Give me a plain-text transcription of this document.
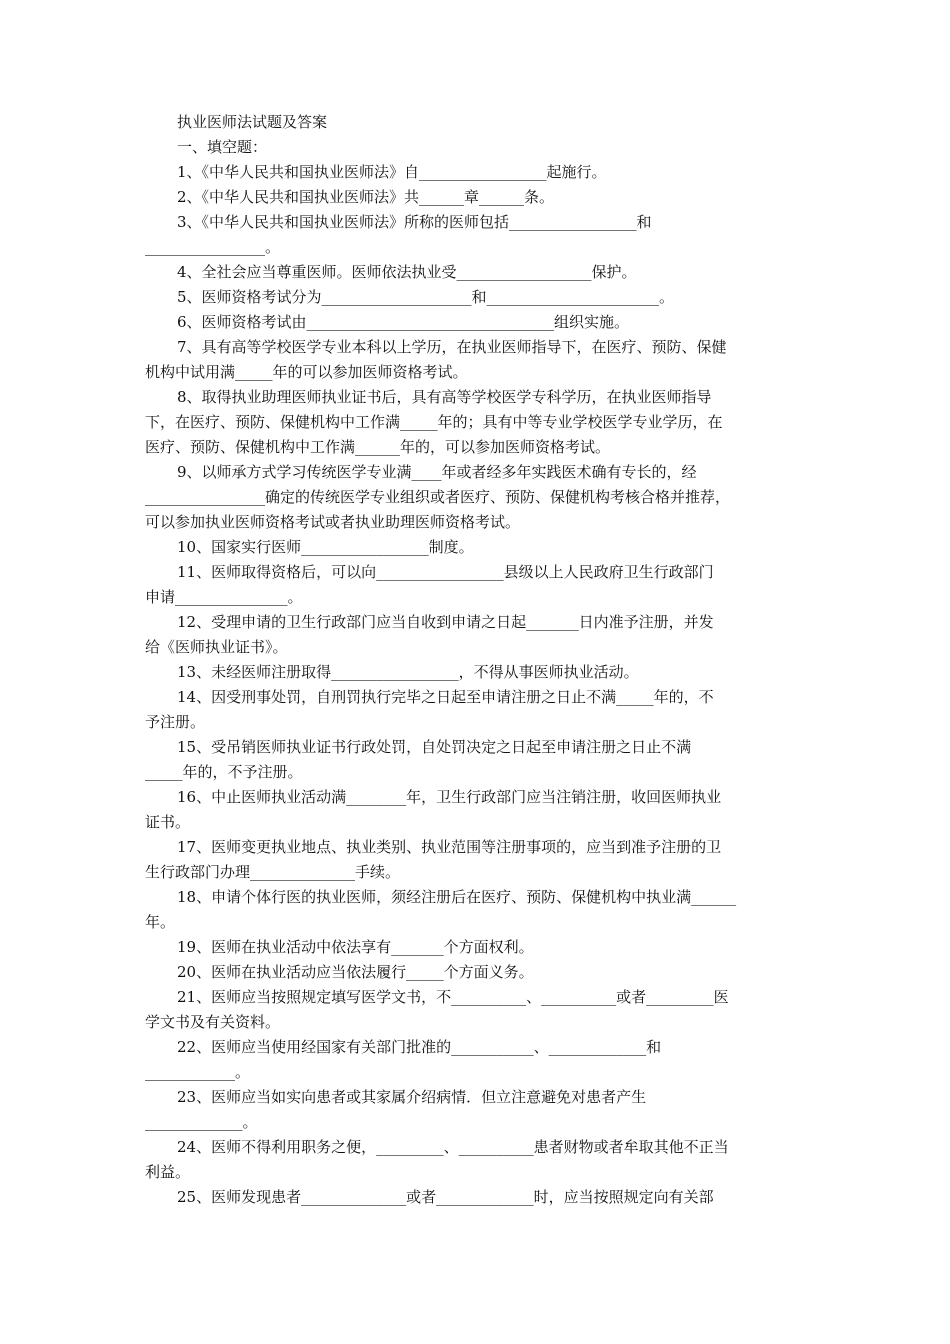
执业医师法试题及答案
一、填空题：
1、《中华人民共和国执业医师法》自_________________起施行。
2、《中华人民共和国执业医师法》共______章______条。
3、《中华人民共和国执业医师法》所称的医师包括_________________和
________________。
4、全社会应当尊重医师。医师依法执业受__________________保护。
5、医师资格考试分为____________________和_______________________。
6、医师资格考试由_________________________________组织实施。
7、具有高等学校医学专业本科以上学历，在执业医师指导下，在医疗、预防、保健
机构中试用满_____年的可以参加医师资格考试。
8、取得执业助理医师执业证书后，具有高等学校医学专科学历，在执业医师指导
下，在医疗、预防、保健机构中工作满_____年的；具有中等专业学校医学专业学历，在
医疗、预防、保健机构中工作满______年的，可以参加医师资格考试。
9、以师承方式学习传统医学专业满____年或者经多年实践医术确有专长的，经
________________确定的传统医学专业组织或者医疗、预防、保健机构考核合格并推荐，
可以参加执业医师资格考试或者执业助理医师资格考试。
10、国家实行医师_________________制度。
11、医师取得资格后，可以向_________________县级以上人民政府卫生行政部门
申请_______________。
12、受理申请的卫生行政部门应当自收到申请之日起_______日内准予注册，并发
给《医师执业证书》。
13、未经医师注册取得_________________，不得从事医师执业活动。
14、因受刑事处罚，自刑罚执行完毕之日起至申请注册之日止不满_____年的，不
予注册。
15、受吊销医师执业证书行政处罚，自处罚决定之日起至申请注册之日止不满
_____年的，不予注册。
16、中止医师执业活动满________年，卫生行政部门应当注销注册，收回医师执业
证书。
17、医师变更执业地点、执业类别、执业范围等注册事项的，应当到准予注册的卫
生行政部门办理______________手续。
18、申请个体行医的执业医师，须经注册后在医疗、预防、保健机构中执业满______
年。
19、医师在执业活动中依法享有_______个方面权利。
20、医师在执业活动应当依法履行_____个方面义务。
21、医师应当按照规定填写医学文书，不__________、__________或者_________医
学文书及有关资料。
22、医师应当使用经国家有关部门批准的___________、_____________和
____________。
23、医师应当如实向患者或其家属介绍病情．但立注意避免对患者产生
_____________。
24、医师不得利用职务之便，_________、__________患者财物或者牟取其他不正当
利益。
25、医师发现患者______________或者_____________时，应当按照规定向有关部
